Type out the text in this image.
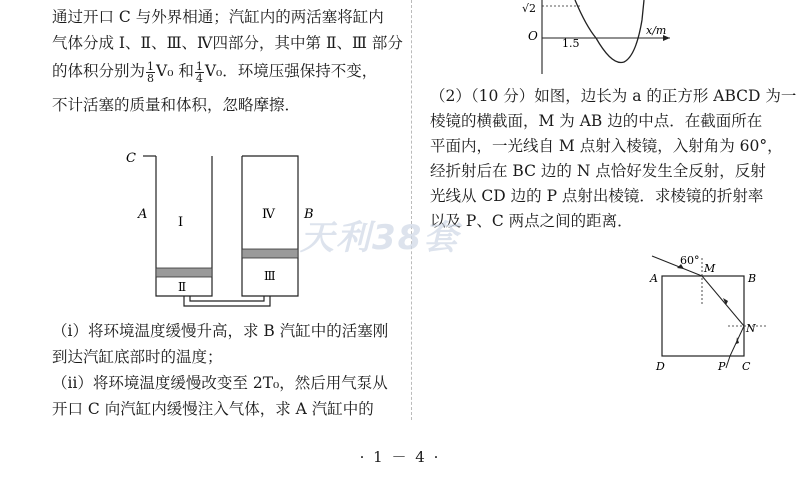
通过开口 C 与外界相通；汽缸内的两活塞将缸内
气体分成 Ⅰ、Ⅱ、Ⅲ、Ⅳ四部分，其中第 Ⅱ、Ⅲ 部分
的体积分别为 $\frac{1}{8} V_0$ 和 $\frac{1}{4} V_0$．环境压强保持不变，
不计活塞的质量和体积，忽略摩擦．
C
A
Ⅰ
Ⅱ
B
Ⅳ
Ⅲ
（ⅰ）将环境温度缓慢升高，求 B 汽缸中的活塞刚
到达汽缸底部时的温度；
（ⅱ）将环境温度缓慢改变至 2T₀，然后用气泵从
开口 C 向汽缸内缓慢注入气体，求 A 汽缸中的
√2
O
1.5
x/m
（2）（10 分）如图，边长为 a 的正方形 ABCD 为一
棱镜的横截面，M 为 AB 边的中点．在截面所在
平面内，一光线自 M 点射入棱镜，入射角为 60°，
经折射后在 BC 边的 N 点恰好发生全反射，反射
光线从 CD 边的 P 点射出棱镜．求棱镜的折射率
以及 P、C 两点之间的距离．
天利38套
60°
M
A	B
N
D	P C
· 1 － 4 ·
